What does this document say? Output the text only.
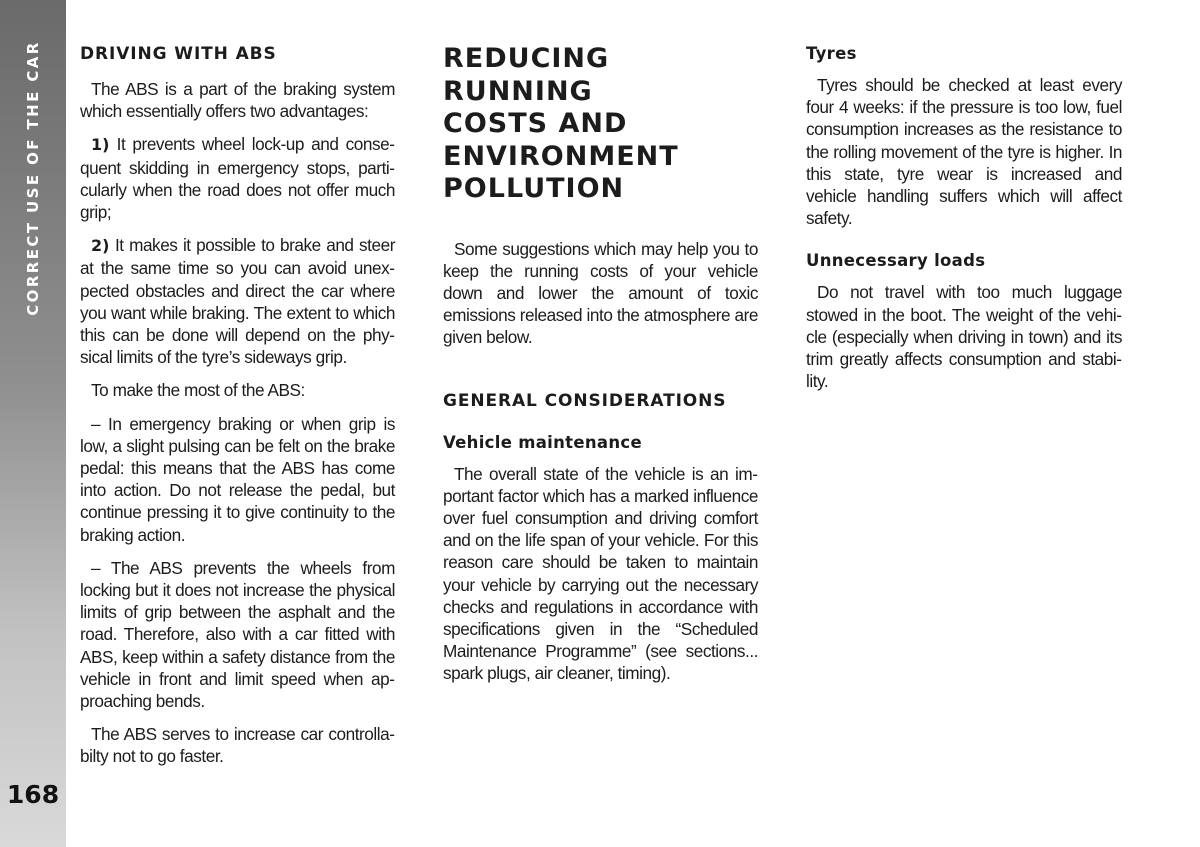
CORRECT USE OF THE CAR
168
DRIVING WITH ABS

The ABS is a part of the braking system which essentially offers two advantages:

1) It prevents wheel lock-up and consequent skidding in emergency stops, particularly when the road does not offer much grip;

2) It makes it possible to brake and steer at the same time so you can avoid unexpected obstacles and direct the car where you want while braking. The extent to which this can be done will depend on the physical limits of the tyre’s sideways grip.

To make the most of the ABS:

– In emergency braking or when grip is low, a slight pulsing can be felt on the brake pedal: this means that the ABS has come into action. Do not release the pedal, but continue pressing it to give continuity to the braking action.

– The ABS prevents the wheels from locking but it does not increase the physical limits of grip between the asphalt and the road. Therefore, also with a car fitted with ABS, keep within a safety distance from the vehicle in front and limit speed when approaching bends.

The ABS serves to increase car controllabilty not to go faster.

REDUCING RUNNING
COSTS AND
ENVIRONMENT
POLLUTION

Some suggestions which may help you to keep the running costs of your vehicle down and lower the amount of toxic emissions released into the atmosphere are given below.

GENERAL CONSIDERATIONS
Vehicle maintenance

The overall state of the vehicle is an important factor which has a marked influence over fuel consumption and driving comfort and on the life span of your vehicle. For this reason care should be taken to maintain your vehicle by carrying out the necessary checks and regulations in accordance with specifications given in the “Scheduled Maintenance Programme” (see sections... spark plugs, air cleaner, timing).

Tyres

Tyres should be checked at least every four 4 weeks: if the pressure is too low, fuel consumption increases as the resistance to the rolling movement of the tyre is higher. In this state, tyre wear is increased and vehicle handling suffers which will affect safety.

Unnecessary loads

Do not travel with too much luggage stowed in the boot. The weight of the vehicle (especially when driving in town) and its trim greatly affects consumption and stability.
